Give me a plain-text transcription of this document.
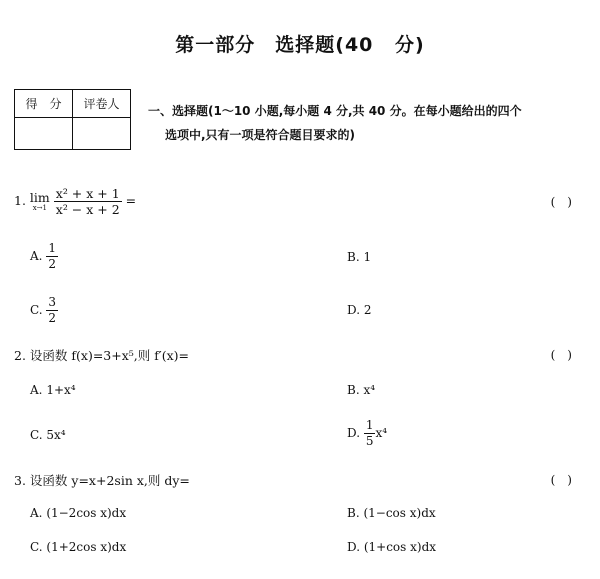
第一部分　选择题(40 分)
得　分	评卷人
	一、选择题(1～10 小题,每小题 4 分,共 40 分。在每小题给出的四个
选项中,只有一项是符合题目要求的)
1. lim
x→1
$\frac{\text{x² + x + 1}}{\text{x² − x + 2}}$ =	(　)
A. $\frac{1}{2}$	B. 1
C. $\frac{3}{2}$	D. 2
2. 设函数 f(x)=3+x⁵,则 f′(x)=	(　)
A. 1+x⁴	B. x⁴
C. 5x⁴	D. $\frac{1}{5} x^4$
3. 设函数 y=x+2sin x,则 dy=	(　)
A. (1−2cos x)dx	B. (1−cos x)dx
C. (1+2cos x)dx	D. (1+cos x)dx
